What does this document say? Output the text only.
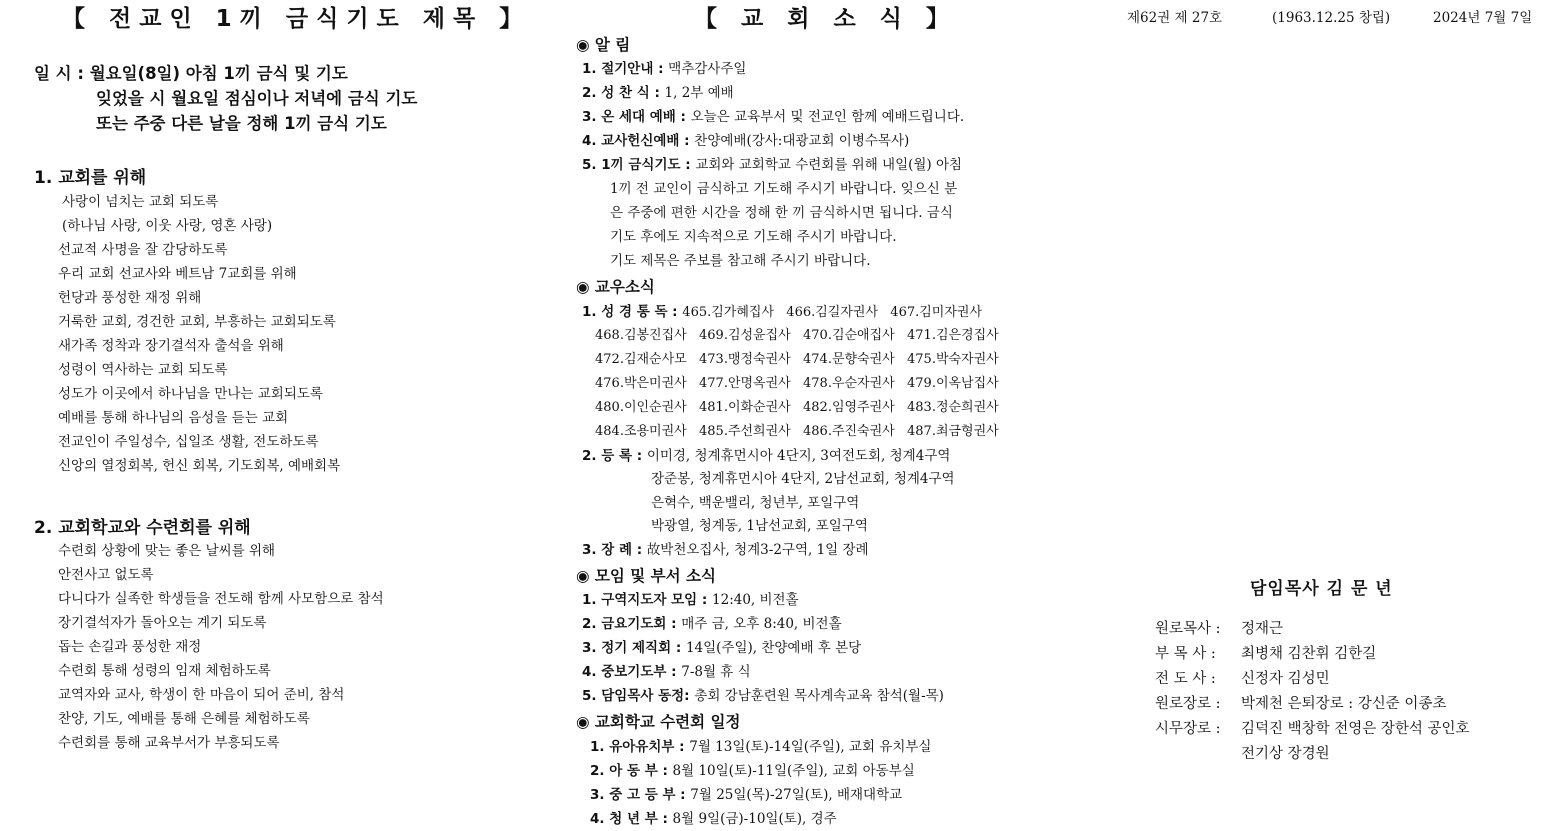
【 전교인 1끼 금식기도 제목 】
일 시 : 월요일(8일) 아침 1끼 금식 및 기도
잊었을 시 월요일 점심이나 저녁에 금식 기도
또는 주중 다른 날을 정해 1끼 금식 기도
1. 교회를 위해
사랑이 넘치는 교회 되도록
(하나님 사랑, 이웃 사랑, 영혼 사랑)
선교적 사명을 잘 감당하도록
우리 교회 선교사와 베트남 7교회를 위해
헌당과 풍성한 재정 위해
거룩한 교회, 경건한 교회, 부흥하는 교회되도록
새가족 정착과 장기결석자 출석을 위해
성령이 역사하는 교회 되도록
성도가 이곳에서 하나님을 만나는 교회되도록
예배를 통해 하나님의 음성을 듣는 교회
전교인이 주일성수, 십일조 생활, 전도하도록
신앙의 열정회복, 헌신 회복, 기도회복, 예배회복
2. 교회학교와 수련회를 위해
수련회 상황에 맞는 좋은 날씨를 위해
안전사고 없도록
다니다가 실족한 학생들을 전도해 함께 사모함으로 참석
장기결석자가 돌아오는 계기 되도록
돕는 손길과 풍성한 재정
수련회 통해 성령의 임재 체험하도록
교역자와 교사, 학생이 한 마음이 되어 준비, 참석
찬양, 기도, 예배를 통해 은혜를 체험하도록
수련회를 통해 교육부서가 부흥되도록
【 교 회 소 식 】
◉ 알 림
1. 절기안내 : 맥추감사주일
2. 성 찬 식 : 1, 2부 예배
3. 온 세대 예배 : 오늘은 교육부서 및 전교인 함께 예배드립니다.
4. 교사헌신예배 : 찬양예배(강사:대광교회 이병수목사)
5. 1끼 금식기도 : 교회와 교회학교 수련회를 위해 내일(월) 아침
1끼 전 교인이 금식하고 기도해 주시기 바랍니다. 잊으신 분
은 주중에 편한 시간을 정해 한 끼 금식하시면 됩니다. 금식
기도 후에도 지속적으로 기도해 주시기 바랍니다.
기도 제목은 주보를 참고해 주시기 바랍니다.
◉ 교우소식
1. 성 경 통 독 : 465.김가혜집사 466.김길자권사 467.김미자권사
468.김봉진집사 469.김성윤집사 470.김순애집사 471.김은경집사
472.김재순사모 473.맹정숙권사 474.문향숙권사 475.박숙자권사
476.박은미권사 477.안명옥권사 478.우순자권사 479.이옥남집사
480.이인순권사 481.이화순권사 482.임영주권사 483.정순희권사
484.조용미권사 485.주선희권사 486.주진숙권사 487.최금형권사
2. 등 록 : 이미경, 청계휴먼시아 4단지, 3여전도회, 청계4구역
장준봉, 청계휴먼시아 4단지, 2남선교회, 청계4구역
은혁수, 백운밸리, 청년부, 포일구역
박광열, 청계동, 1남선교회, 포일구역
3. 장 례 : 故박천오집사, 청계3-2구역, 1일 장례
◉ 모임 및 부서 소식
1. 구역지도자 모임 : 12:40, 비전홀
2. 금요기도회 : 매주 금, 오후 8:40, 비전홀
3. 정기 제직회 : 14일(주일), 찬양예배 후 본당
4. 중보기도부 : 7-8월 휴 식
5. 담임목사 동정: 총회 강남훈련원 목사계속교육 참석(월-목)
◉ 교회학교 수련회 일정
1. 유아유치부 : 7월 13일(토)-14일(주일), 교회 유치부실
2. 아 동 부 : 8월 10일(토)-11일(주일), 교회 아동부실
3. 중 고 등 부 : 7월 25일(목)-27일(토), 배재대학교
4. 청 년 부 : 8월 9일(금)-10일(토), 경주
제62권 제 27호	(1963.12.25 창립)	2024년 7월 7일
담임목사 김 문 년
원로목사 :정재근
부 목 사 :최병채 김찬휘 김한길
전 도 사 :신정자 김성민
원로장로 :박제천 은퇴장로 : 강신준 이종초
시무장로 :김덕진 백창학 전영은 장한석 공인호
전기상 장경원
